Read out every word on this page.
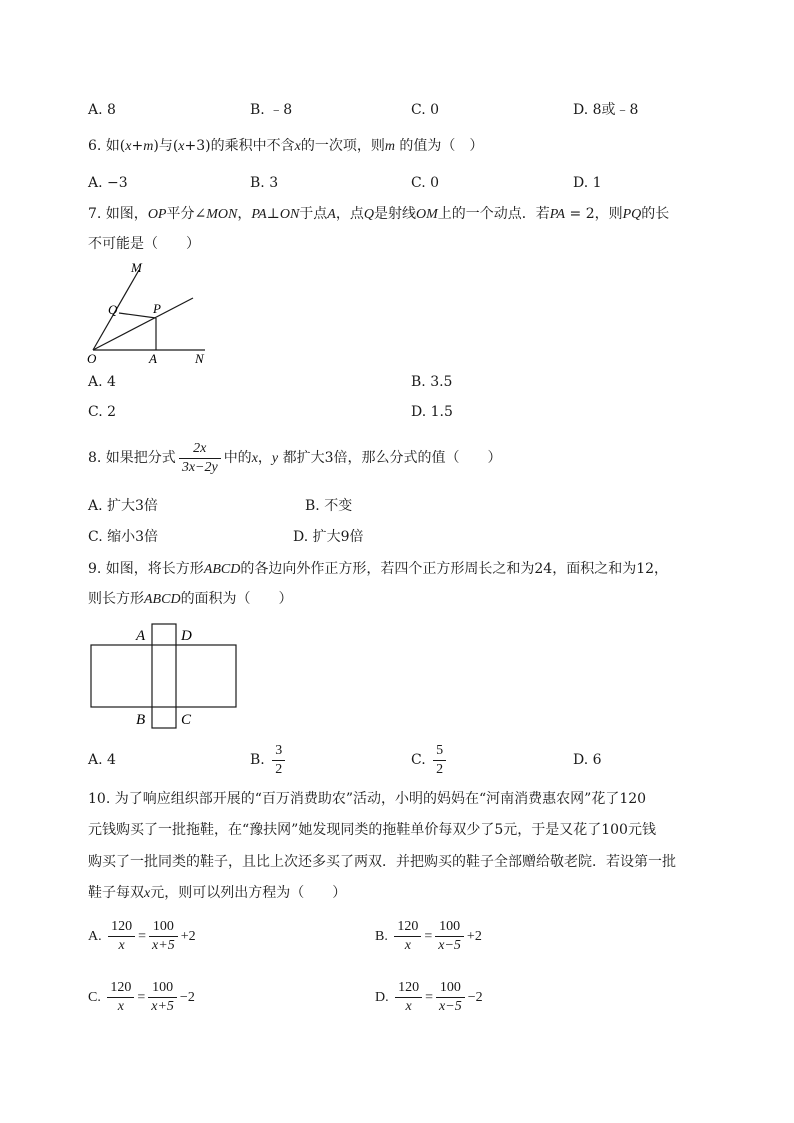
A. 8	B. ﹣8	C. 0	D. 8或﹣8
6. 如(x+m)与(x+3)的乘积中不含x的一次项，则m 的值为（　）
A. −3	B. 3	C. 0	D. 1
7. 如图，OP平分∠MON，PA⊥ON于点A，点Q是射线OM上的一个动点．若PA = 2，则PQ的长
不可能是（　　）
M
Q	P
O	A	N
A. 4	B. 3.5
C. 2	D. 1.5
8. 如果把分式 $\frac{2x}{3x-2y}$ 中的x，y 都扩大3倍，那么分式的值（　　）
A. 扩大3倍	B. 不变
C. 缩小3倍	D. 扩大9倍
9. 如图，将长方形ABCD的各边向外作正方形，若四个正方形周长之和为24，面积之和为12，
则长方形ABCD的面积为（　　）
A D
B C
A. 4	B. $\frac{3}{2}$	C. $\frac{5}{2}$	D. 6
10. 为了响应组织部开展的“百万消费助农”活动，小明的妈妈在“河南消费惠农网”花了120
元钱购买了一批拖鞋，在“豫扶网”她发现同类的拖鞋单价每双少了5元，于是又花了100元钱
购买了一批同类的鞋子，且比上次还多买了两双．并把购买的鞋子全部赠给敬老院．若设第一批
鞋子每双x元，则可以列出方程为（　　）
A. $\frac{120}{x} = \frac{100}{x+5} +2$	B. $\frac{120}{x} = \frac{100}{x-5} +2$
C. $\frac{120}{x} = \frac{100}{x+5} -2$	D. $\frac{120}{x} = \frac{100}{x-5} -2$
